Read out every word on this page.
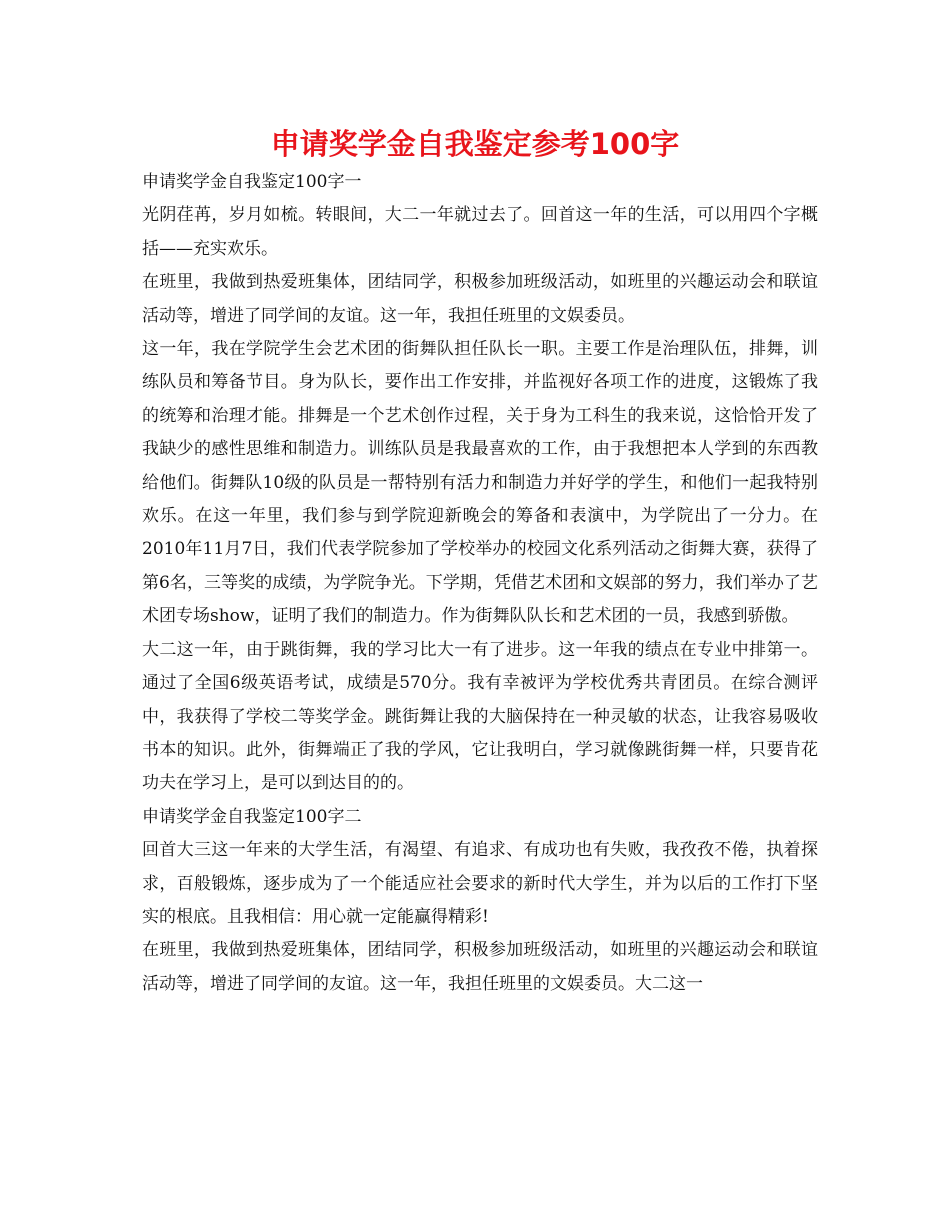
申请奖学金自我鉴定参考100字

申请奖学金自我鉴定100字一

光阴荏苒，岁月如梳。转眼间，大二一年就过去了。回首这一年的生活，可以用四个字概括——充实欢乐。

在班里，我做到热爱班集体，团结同学，积极参加班级活动，如班里的兴趣运动会和联谊活动等，增进了同学间的友谊。这一年，我担任班里的文娱委员。

这一年，我在学院学生会艺术团的街舞队担任队长一职。主要工作是治理队伍，排舞，训练队员和筹备节目。身为队长，要作出工作安排，并监视好各项工作的进度，这锻炼了我的统筹和治理才能。排舞是一个艺术创作过程，关于身为工科生的我来说，这恰恰开发了我缺少的感性思维和制造力。训练队员是我最喜欢的工作，由于我想把本人学到的东西教给他们。街舞队10级的队员是一帮特别有活力和制造力并好学的学生，和他们一起我特别欢乐。在这一年里，我们参与到学院迎新晚会的筹备和表演中，为学院出了一分力。在2010年11月7日，我们代表学院参加了学校举办的校园文化系列活动之街舞大赛，获得了第6名，三等奖的成绩，为学院争光。下学期，凭借艺术团和文娱部的努力，我们举办了艺术团专场show，证明了我们的制造力。作为街舞队队长和艺术团的一员，我感到骄傲。

大二这一年，由于跳街舞，我的学习比大一有了进步。这一年我的绩点在专业中排第一。通过了全国6级英语考试，成绩是570分。我有幸被评为学校优秀共青团员。在综合测评中，我获得了学校二等奖学金。跳街舞让我的大脑保持在一种灵敏的状态，让我容易吸收书本的知识。此外，街舞端正了我的学风，它让我明白，学习就像跳街舞一样，只要肯花功夫在学习上，是可以到达目的的。

申请奖学金自我鉴定100字二

回首大三这一年来的大学生活，有渴望、有追求、有成功也有失败，我孜孜不倦，执着探求，百般锻炼，逐步成为了一个能适应社会要求的新时代大学生，并为以后的工作打下坚实的根底。且我相信：用心就一定能赢得精彩!

在班里，我做到热爱班集体，团结同学，积极参加班级活动，如班里的兴趣运动会和联谊活动等，增进了同学间的友谊。这一年，我担任班里的文娱委员。大二这一
